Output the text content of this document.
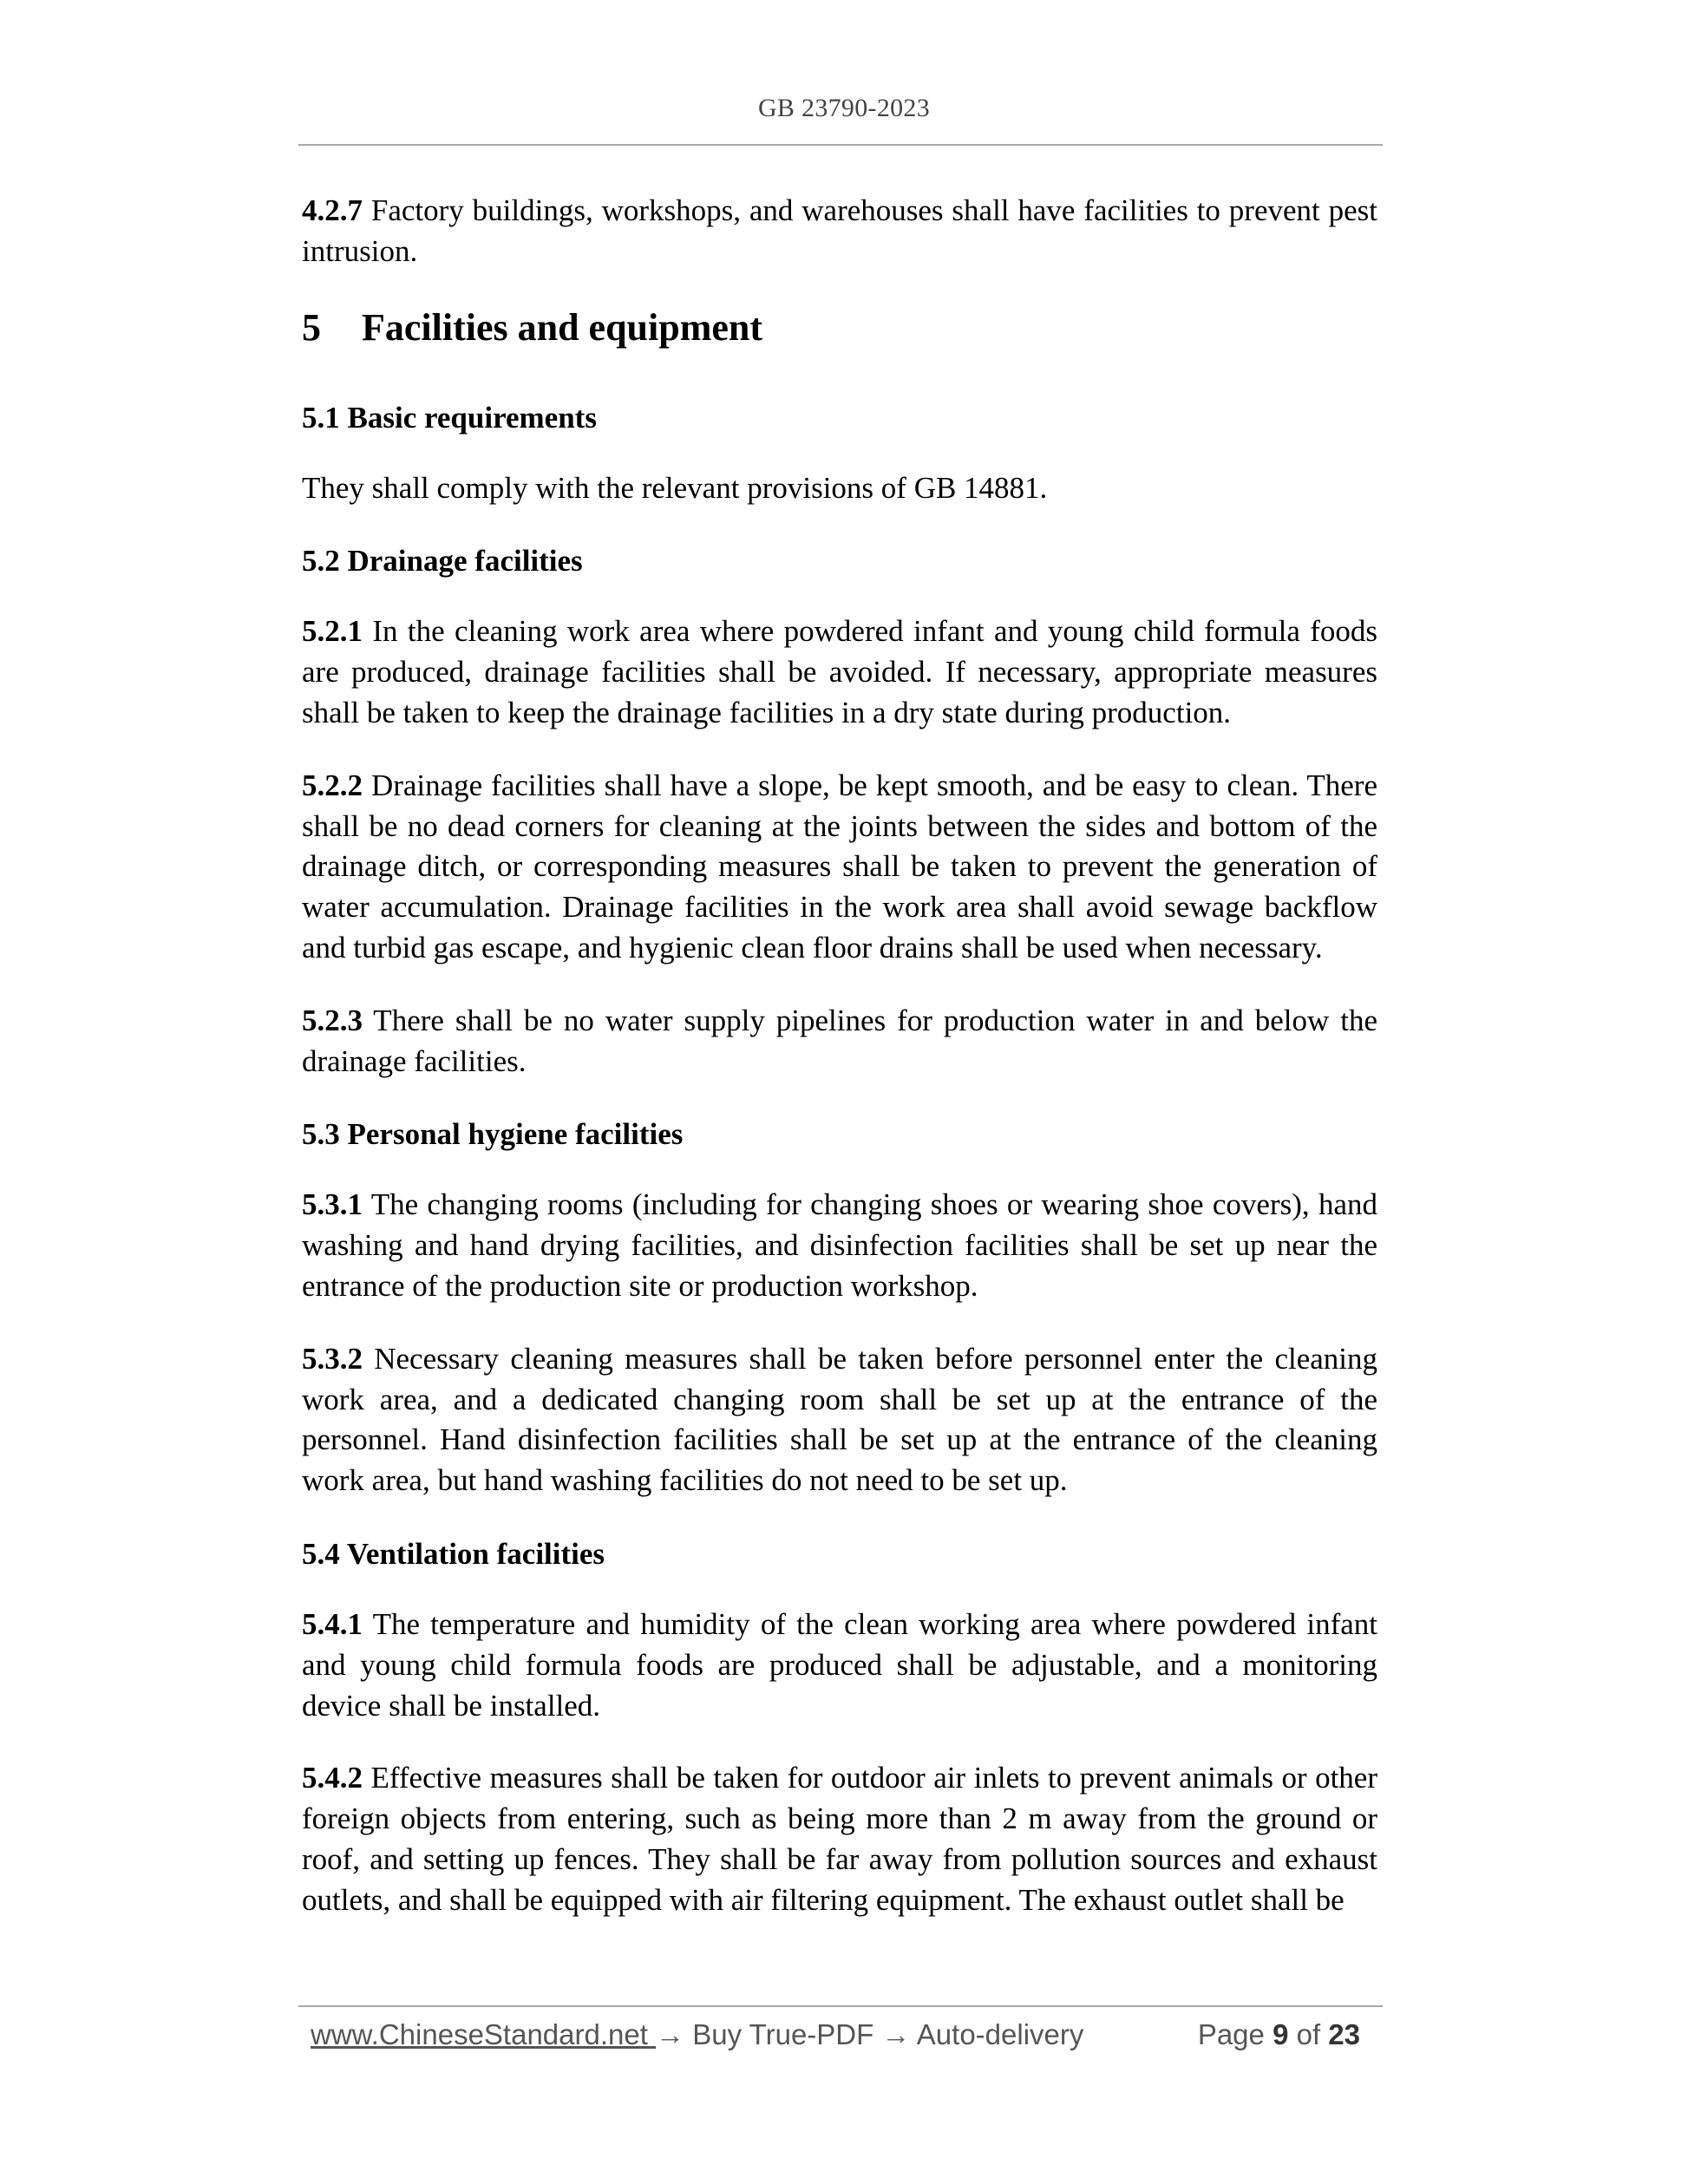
GB 23790-2023

4.2.7 Factory buildings, workshops, and warehouses shall have facilities to prevent pest intrusion.

5 Facilities and equipment
5.1 Basic requirements

They shall comply with the relevant provisions of GB 14881.

5.2 Drainage facilities

5.2.1 In the cleaning work area where powdered infant and young child formula foods are produced, drainage facilities shall be avoided. If necessary, appropriate measures shall be taken to keep the drainage facilities in a dry state during production.

5.2.2 Drainage facilities shall have a slope, be kept smooth, and be easy to clean. There shall be no dead corners for cleaning at the joints between the sides and bottom of the drainage ditch, or corresponding measures shall be taken to prevent the generation of water accumulation. Drainage facilities in the work area shall avoid sewage backflow and turbid gas escape, and hygienic clean floor drains shall be used when necessary.

5.2.3 There shall be no water supply pipelines for production water in and below the drainage facilities.

5.3 Personal hygiene facilities

5.3.1 The changing rooms (including for changing shoes or wearing shoe covers), hand washing and hand drying facilities, and disinfection facilities shall be set up near the entrance of the production site or production workshop.

5.3.2 Necessary cleaning measures shall be taken before personnel enter the cleaning work area, and a dedicated changing room shall be set up at the entrance of the personnel. Hand disinfection facilities shall be set up at the entrance of the cleaning work area, but hand washing facilities do not need to be set up.

5.4 Ventilation facilities

5.4.1 The temperature and humidity of the clean working area where powdered infant and young child formula foods are produced shall be adjustable, and a monitoring device shall be installed.

5.4.2 Effective measures shall be taken for outdoor air inlets to prevent animals or other foreign objects from entering, such as being more than 2 m away from the ground or roof, and setting up fences. They shall be far away from pollution sources and exhaust outlets, and shall be equipped with air filtering equipment. The exhaust outlet shall be

www.ChineseStandard.net → Buy True-PDF → Auto-delivery	Page 9 of 23
